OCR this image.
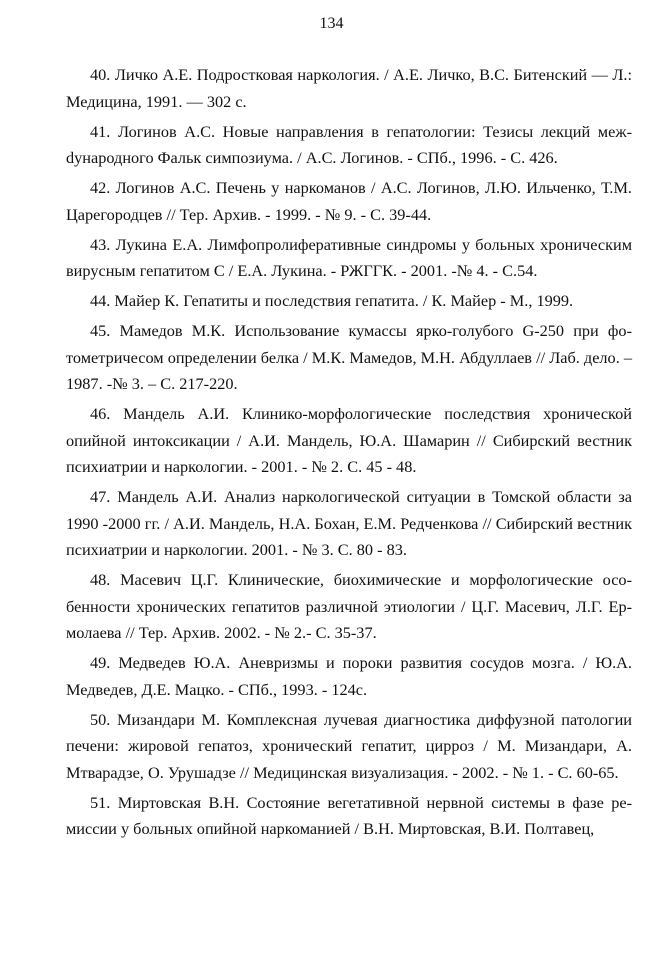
134

40. Личко А.Е. Подростковая наркология. / А.Е. Личко, В.С. Битенский — Л.: Медицина, 1991. — 302 с.

41. Логинов А.С. Новые направления в гепатологии: Тезисы лекций межdународного Фальк симпозиума. / А.С. Логинов. - СПб., 1996. - С. 426.

42. Логинов А.С. Печень у наркоманов / А.С. Логинов, Л.Ю. Ильченко, Т.М. Царегородцев // Тер. Архив. - 1999. - № 9. - С. 39-44.

43. Лукина Е.А. Лимфопролиферативные синдромы у больных хроническим вирусным гепатитом С / Е.А. Лукина. - РЖГГК. - 2001. -№ 4. - С.54.

44. Майер К. Гепатиты и последствия гепатита. / К. Майер - М., 1999.

45. Мамедов М.К. Использование кумассы ярко-голубого G-250 при фотометричесом определении белка / М.К. Мамедов, М.Н. Абдуллаев // Лаб. дело. – 1987. -№ 3. – С. 217-220.

46. Мандель А.И. Клинико-морфологические последствия хронической опийной интоксикации / А.И. Мандель, Ю.А. Шамарин // Сибирский вестник психиатрии и наркологии. - 2001. - № 2. С. 45 - 48.

47. Мандель А.И. Анализ наркологической ситуации в Томской области за 1990 -2000 гг. / А.И. Мандель, Н.А. Бохан, Е.М. Редченкова // Сибирский вестник психиатрии и наркологии. 2001. - № 3. С. 80 - 83.

48. Масевич Ц.Г. Клинические, биохимические и морфологические особенности хронических гепатитов различной этиологии / Ц.Г. Масевич, Л.Г. Ермолаева // Тер. Архив. 2002. - № 2.- С. 35-37.

49. Медведев Ю.А. Аневризмы и пороки развития сосудов мозга. / Ю.А. Медведев, Д.Е. Мацко. - СПб., 1993. - 124с.

50. Мизандари М. Комплексная лучевая диагностика диффузной патологии печени: жировой гепатоз, хронический гепатит, цирроз / М. Мизандари, А. Мтварадзе, О. Урушадзе // Медицинская визуализация. - 2002. - № 1. - С. 60-65.

51. Миртовская В.Н. Состояние вегетативной нервной системы в фазе ремиссии у больных опийной наркоманией / В.Н. Миртовская, В.И. Полтавец,
